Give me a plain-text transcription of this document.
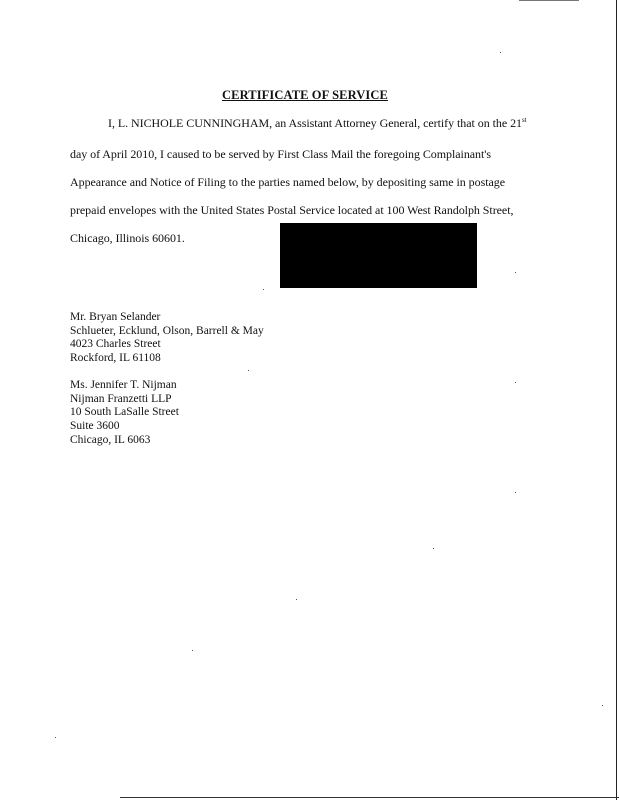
CERTIFICATE OF SERVICE
I, L. NICHOLE CUNNINGHAM, an Assistant Attorney General, certify that on the 21st
day of April 2010, I caused to be served by First Class Mail the foregoing Complainant's
Appearance and Notice of Filing to the parties named below, by depositing same in postage
prepaid envelopes with the United States Postal Service located at 100 West Randolph Street,
Chicago, Illinois 60601.
Mr. Bryan Selander
Schlueter, Ecklund, Olson, Barrell & May
4023 Charles Street
Rockford, IL 61108
Ms. Jennifer T. Nijman
Nijman Franzetti LLP
10 South LaSalle Street
Suite 3600
Chicago, IL 6063
